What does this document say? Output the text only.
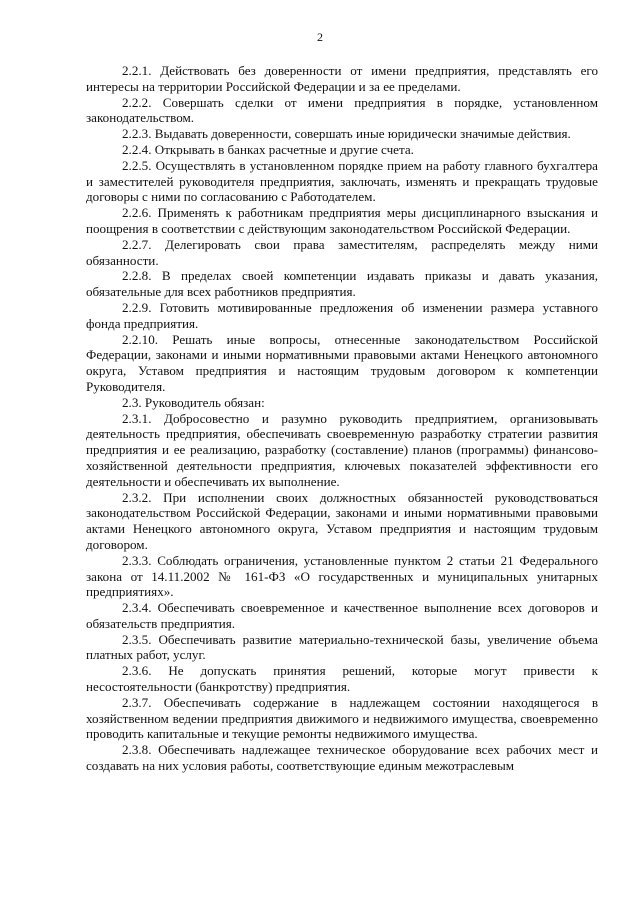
2

2.2.1. Действовать без доверенности от имени предприятия, представлять его интересы на территории Российской Федерации и за ее пределами.

2.2.2. Совершать сделки от имени предприятия в порядке, установленном законодательством.

2.2.3. Выдавать доверенности, совершать иные юридически значимые действия.

2.2.4. Открывать в банках расчетные и другие счета.

2.2.5. Осуществлять в установленном порядке прием на работу главного бухгалтера и заместителей руководителя предприятия, заключать, изменять и прекращать трудовые договоры с ними по согласованию с Работодателем.

2.2.6. Применять к работникам предприятия меры дисциплинарного взыскания и поощрения в соответствии с действующим законодательством Российской Федерации.

2.2.7. Делегировать свои права заместителям, распределять между ними обязанности.

2.2.8. В пределах своей компетенции издавать приказы и давать указания, обязательные для всех работников предприятия.

2.2.9. Готовить мотивированные предложения об изменении размера уставного фонда предприятия.

2.2.10. Решать иные вопросы, отнесенные законодательством Российской Федерации, законами и иными нормативными правовыми актами Ненецкого автономного округа, Уставом предприятия и настоящим трудовым договором к компетенции Руководителя.

2.3. Руководитель обязан:

2.3.1. Добросовестно и разумно руководить предприятием, организовывать деятельность предприятия, обеспечивать своевременную разработку стратегии развития предприятия и ее реализацию, разработку (составление) планов (программы) финансово-хозяйственной деятельности предприятия, ключевых показателей эффективности его деятельности и обеспечивать их выполнение.

2.3.2. При исполнении своих должностных обязанностей руководствоваться законодательством Российской Федерации, законами и иными нормативными правовыми актами Ненецкого автономного округа, Уставом предприятия и настоящим трудовым договором.

2.3.3. Соблюдать ограничения, установленные пунктом 2 статьи 21 Федерального закона от 14.11.2002 № 161-ФЗ «О государственных и муниципальных унитарных предприятиях».

2.3.4. Обеспечивать своевременное и качественное выполнение всех договоров и обязательств предприятия.

2.3.5. Обеспечивать развитие материально-технической базы, увеличение объема платных работ, услуг.

2.3.6. Не допускать принятия решений, которые могут привести к несостоятельности (банкротству) предприятия.

2.3.7. Обеспечивать содержание в надлежащем состоянии находящегося в хозяйственном ведении предприятия движимого и недвижимого имущества, своевременно проводить капитальные и текущие ремонты недвижимого имущества.

2.3.8. Обеспечивать надлежащее техническое оборудование всех рабочих мест и создавать на них условия работы, соответствующие единым межотраслевым
